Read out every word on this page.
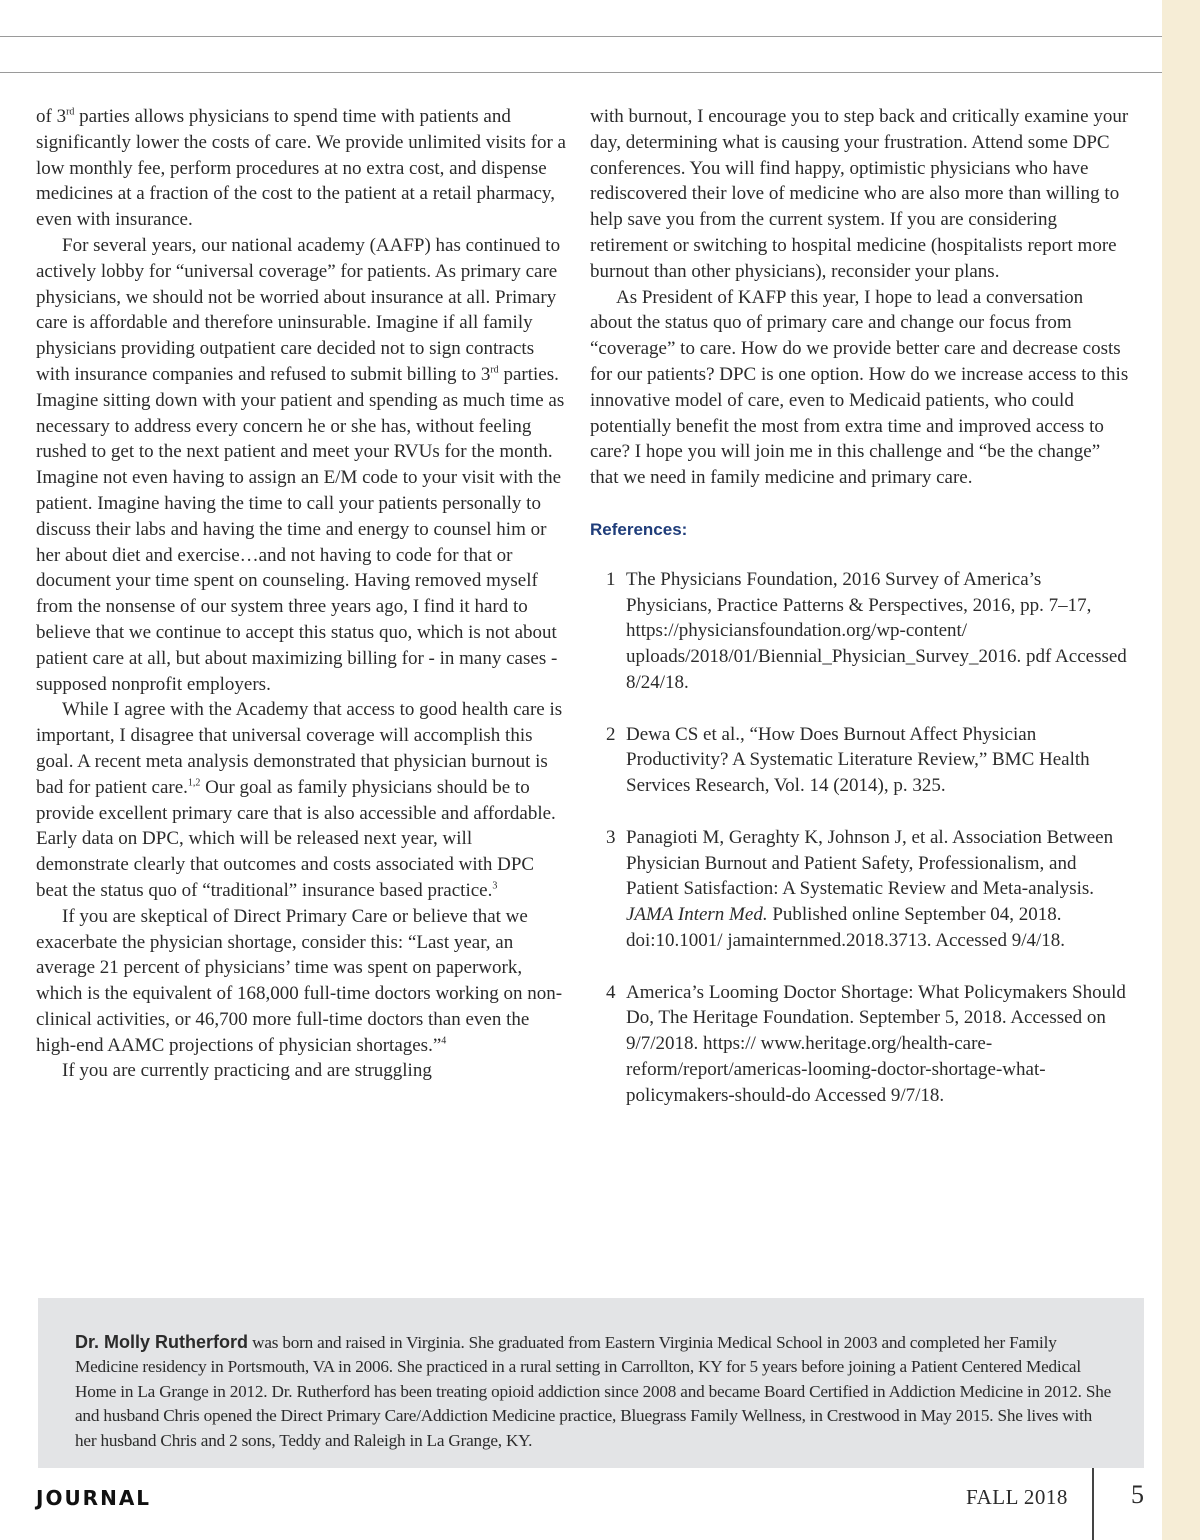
of 3rd parties allows physicians to spend time with patients and significantly lower the costs of care. We provide unlimited visits for a low monthly fee, perform procedures at no extra cost, and dispense medicines at a fraction of the cost to the patient at a retail pharmacy, even with insurance.

For several years, our national academy (AAFP) has continued to actively lobby for “universal coverage” for patients. As primary care physicians, we should not be worried about insurance at all. Primary care is affordable and therefore uninsurable. Imagine if all family physicians providing outpatient care decided not to sign contracts with insurance companies and refused to submit billing to 3rd parties. Imagine sitting down with your patient and spending as much time as necessary to address every concern he or she has, without feeling rushed to get to the next patient and meet your RVUs for the month. Imagine not even having to assign an E/M code to your visit with the patient. Imagine having the time to call your patients personally to discuss their labs and having the time and energy to counsel him or her about diet and exercise…and not having to code for that or document your time spent on counseling. Having removed myself from the nonsense of our system three years ago, I find it hard to believe that we continue to accept this status quo, which is not about patient care at all, but about maximizing billing for - in many cases - supposed nonprofit employers.

While I agree with the Academy that access to good health care is important, I disagree that universal coverage will accomplish this goal. A recent meta analysis demonstrated that physician burnout is bad for patient care.$^{1,2}$ Our goal as family physicians should be to provide excellent primary care that is also accessible and affordable. Early data on DPC, which will be released next year, will demonstrate clearly that outcomes and costs associated with DPC beat the status quo of “traditional” insurance based practice.$^3$

If you are skeptical of Direct Primary Care or believe that we exacerbate the physician shortage, consider this: “Last year, an average 21 percent of physicians’ time was spent on paperwork, which is the equivalent of 168,000 full-time doctors working on non-clinical activities, or 46,700 more full-time doctors than even the high-end AAMC projections of physician shortages.”$^4$

If you are currently practicing and are struggling

with burnout, I encourage you to step back and critically examine your day, determining what is causing your frustration. Attend some DPC conferences. You will find happy, optimistic physicians who have rediscovered their love of medicine who are also more than willing to help save you from the current system. If you are considering retirement or switching to hospital medicine (hospitalists report more burnout than other physicians), reconsider your plans.

As President of KAFP this year, I hope to lead a conversation about the status quo of primary care and change our focus from “coverage” to care. How do we provide better care and decrease costs for our patients? DPC is one option. How do we increase access to this innovative model of care, even to Medicaid patients, who could potentially benefit the most from extra time and improved access to care? I hope you will join me in this challenge and “be the change” that we need in family medicine and primary care.

References:
1 The Physicians Foundation, 2016 Survey of America’s Physicians, Practice Patterns & Perspectives, 2016, pp. 7–17, https://physiciansfoundation.org/wp-content/ uploads/2018/01/Biennial_Physician_Survey_2016. pdf Accessed 8/24/18.
2 Dewa CS et al., “How Does Burnout Affect Physician Productivity? A Systematic Literature Review,” BMC Health Services Research, Vol. 14 (2014), p. 325.
3 Panagioti M, Geraghty K, Johnson J, et al. Association Between Physician Burnout and Patient Safety, Professionalism, and Patient Satisfaction: A Systematic Review and Meta-analysis. JAMA Intern Med. Published online September 04, 2018. doi:10.1001/ jamainternmed.2018.3713. Accessed 9/4/18.
4 America’s Looming Doctor Shortage: What Policymakers Should Do, The Heritage Foundation. September 5, 2018. Accessed on 9/7/2018. https:// www.heritage.org/health-care-reform/report/americas-looming-doctor-shortage-what-policymakers-should-do Accessed 9/7/18.

Dr. Molly Rutherford was born and raised in Virginia. She graduated from Eastern Virginia Medical School in 2003 and completed her Family Medicine residency in Portsmouth, VA in 2006. She practiced in a rural setting in Carrollton, KY for 5 years before joining a Patient Centered Medical Home in La Grange in 2012. Dr. Rutherford has been treating opioid addiction since 2008 and became Board Certified in Addiction Medicine in 2012. She and husband Chris opened the Direct Primary Care/Addiction Medicine practice, Bluegrass Family Wellness, in Crestwood in May 2015. She lives with her husband Chris and 2 sons, Teddy and Raleigh in La Grange, KY.

JOURNAL	FALL 2018 5
